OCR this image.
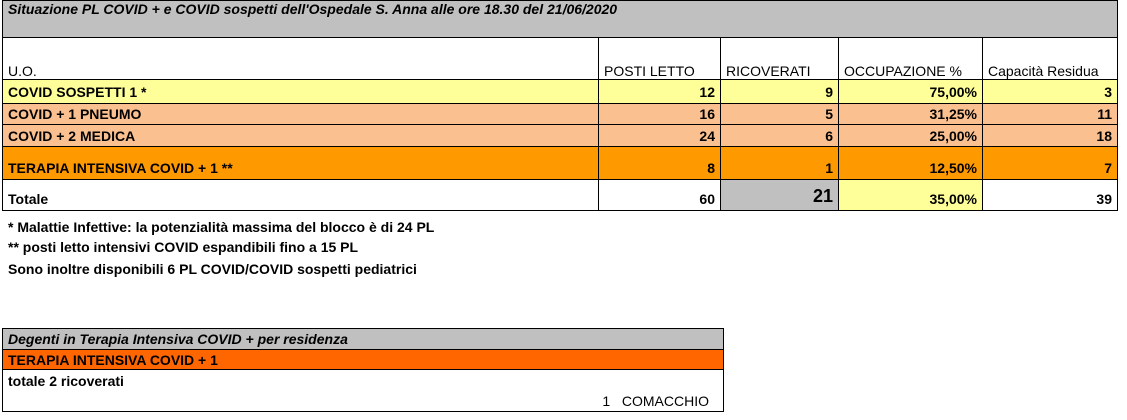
Situazione PL COVID + e COVID sospetti dell'Ospedale S. Anna alle ore 18.30 del 21/06/2020				
U.O.	POSTI LETTO	RICOVERATI	OCCUPAZIONE %	Capacità Residua
COVID SOSPETTI 1 *	12	9	75,00%	3
COVID + 1 PNEUMO	16	5	31,25%	11
COVID + 2 MEDICA	24	6	25,00%	18
TERAPIA INTENSIVA COVID + 1 **	8	1	12,50%	7
Totale	60	21	35,00%	39
* Malattie Infettive: la potenzialità massima del blocco è di 24 PL
** posti letto intensivi COVID espandibili fino a 15 PL
Sono inoltre disponibili 6 PL COVID/COVID sospetti pediatrici
Degenti in Terapia Intensiva COVID + per residenza
TERAPIA INTENSIVA COVID + 1
totale 2 ricoverati
1 COMACCHIO
